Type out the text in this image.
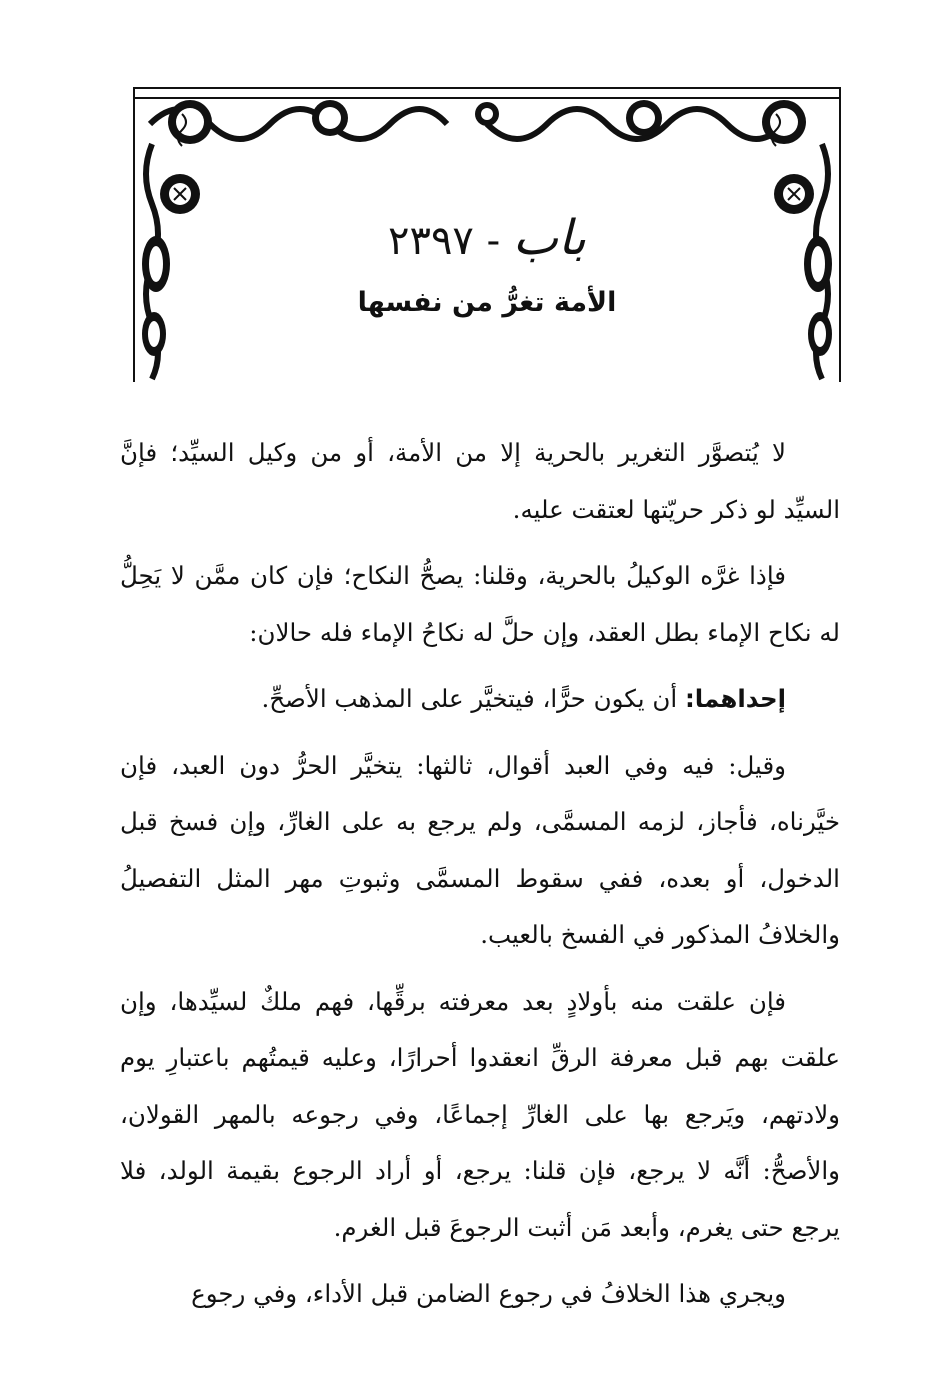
باب - ٢٣٩٧
الأمة تغرُّ من نفسها

لا يُتصوَّر التغرير بالحرية إلا من الأمة، أو من وكيل السيِّد؛ فإنَّ السيِّد لو ذكر حريّتها لعتقت عليه.

فإذا غرَّه الوكيلُ بالحرية، وقلنا: يصحُّ النكاح؛ فإن كان ممَّن لا يَحِلُّ له نكاح الإماء بطل العقد، وإن حلَّ له نكاحُ الإماء فله حالان:

إحداهما: أن يكون حرًّا، فيتخيَّر على المذهب الأصحِّ.

وقيل: فيه وفي العبد أقوال، ثالثها: يتخيَّر الحرُّ دون العبد، فإن خيَّرناه، فأجاز، لزمه المسمَّى، ولم يرجع به على الغارِّ، وإن فسخ قبل الدخول، أو بعده، ففي سقوط المسمَّى وثبوتِ مهر المثل التفصيلُ والخلافُ المذكور في الفسخ بالعيب.

فإن علقت منه بأولادٍ بعد معرفته برقِّها، فهم ملكٌ لسيِّدها، وإن علقت بهم قبل معرفة الرقِّ انعقدوا أحرارًا، وعليه قيمتُهم باعتبارِ يوم ولادتهم، ويَرجع بها على الغارِّ إجماعًا، وفي رجوعه بالمهر القولان، والأصحُّ: أنَّه لا يرجع، فإن قلنا: يرجع، أو أراد الرجوع بقيمة الولد، فلا يرجع حتى يغرم، وأبعد مَن أثبت الرجوعَ قبل الغرم.

ويجري هذا الخلافُ في رجوع الضامن قبل الأداء، وفي رجوع
